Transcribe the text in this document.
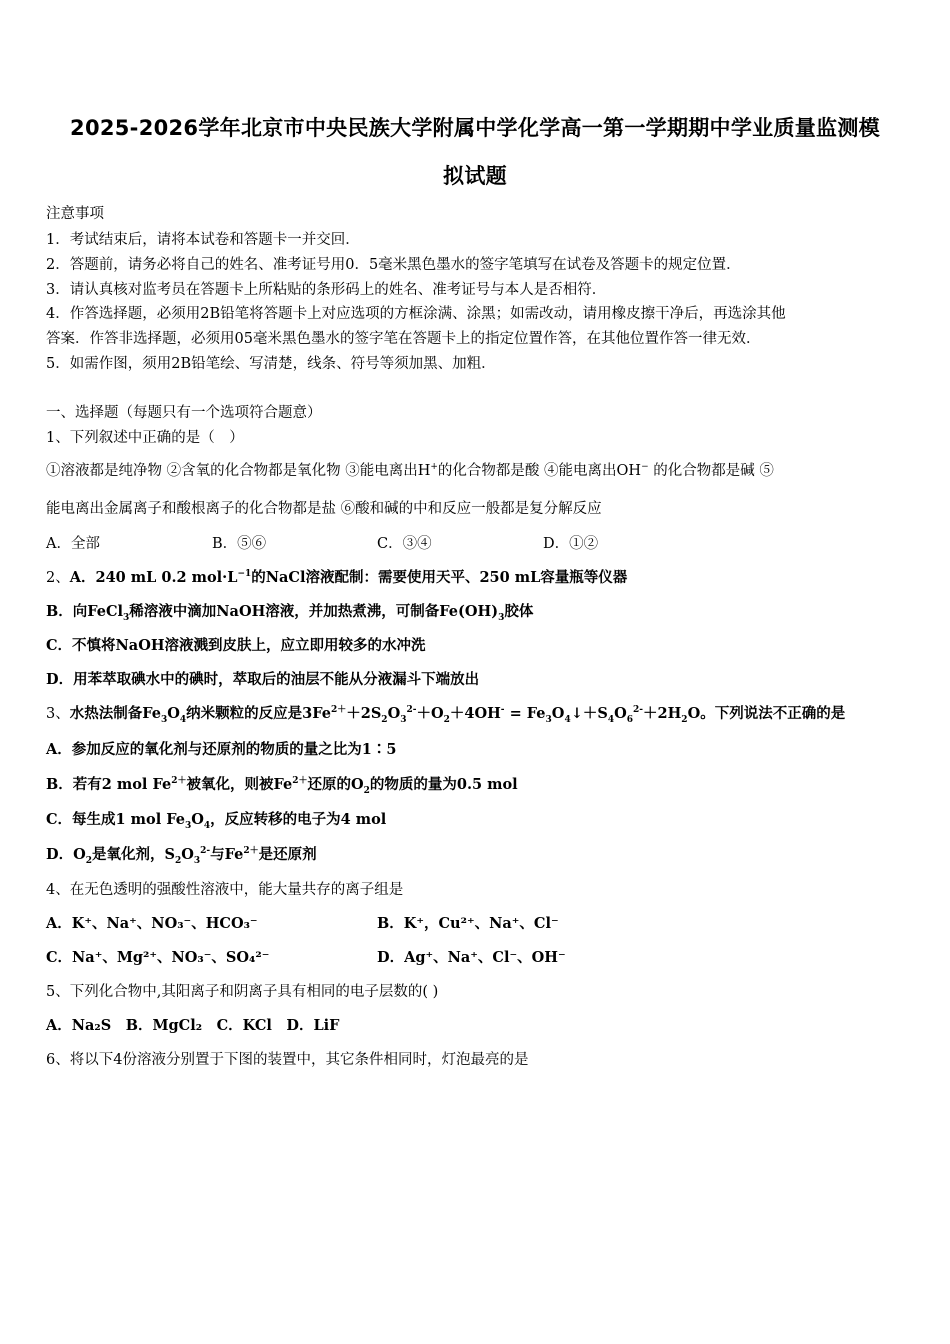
2025-2026学年北京市中央民族大学附属中学化学高一第一学期期中学业质量监测模
拟试题
注意事项
1．考试结束后，请将本试卷和答题卡一并交回．
2．答题前，请务必将自己的姓名、准考证号用0．5毫米黑色墨水的签字笔填写在试卷及答题卡的规定位置．
3．请认真核对监考员在答题卡上所粘贴的条形码上的姓名、准考证号与本人是否相符．
4．作答选择题，必须用2B铅笔将答题卡上对应选项的方框涂满、涂黑；如需改动，请用橡皮擦干净后，再选涂其他
答案．作答非选择题，必须用05毫米黑色墨水的签字笔在答题卡上的指定位置作答，在其他位置作答一律无效．
5．如需作图，须用2B铅笔绘、写清楚，线条、符号等须加黑、加粗．
一、选择题（每题只有一个选项符合题意）
1、下列叙述中正确的是（　）
①溶液都是纯净物 ②含氧的化合物都是氧化物 ③能电离出H+的化合物都是酸 ④能电离出OH− 的化合物都是碱 ⑤
能电离出金属离子和酸根离子的化合物都是盐 ⑥酸和碱的中和反应一般都是复分解反应
A．全部	B．⑤⑥	C．③④	D．①②
2、A．240 mL 0.2 $mol\cdot L^{-1}$的NaCl溶液配制：需要使用天平、250 mL容量瓶等仪器
B．向FeCl$_3$稀溶液中滴加NaOH溶液，并加热煮沸，可制备$Fe(OH)_3$胶体
C．不慎将NaOH溶液溅到皮肤上，应立即用较多的水冲洗
D．用苯萃取碘水中的碘时，萃取后的油层不能从分液漏斗下端放出
3、水热法制备$Fe_3O_4$纳米颗粒的反应是$3Fe^{2+}+2S_2O_3^{2-}+O_2+4OH^-$ = $Fe_3O_4↓+S_4O_6^{2-}+2H_2O$。下列说法不正确的是
A．参加反应的氧化剂与还原剂的物质的量之比为1∶5
B．若有2 mol $Fe^{2+}$被氧化，则被$Fe^{2+}$还原的$O_2$的物质的量为0.5 mol
C．每生成1 mol $Fe_3O_4$，反应转移的电子为4 mol
D．$O_2$是氧化剂，$S_2O_3^{2-}$与$Fe^{2+}$是还原剂
4、在无色透明的强酸性溶液中，能大量共存的离子组是
A．K⁺、Na⁺、NO₃⁻、HCO₃⁻	B．K⁺，Cu²⁺、Na⁺、Cl⁻
C．Na⁺、Mg²⁺、NO₃⁻、SO₄²⁻	D．Ag⁺、Na⁺、Cl⁻、OH⁻
5、下列化合物中,其阳离子和阴离子具有相同的电子层数的( )
A．Na₂S　B．MgCl₂　C．KCl　D．LiF
6、将以下4份溶液分别置于下图的装置中，其它条件相同时，灯泡最亮的是
